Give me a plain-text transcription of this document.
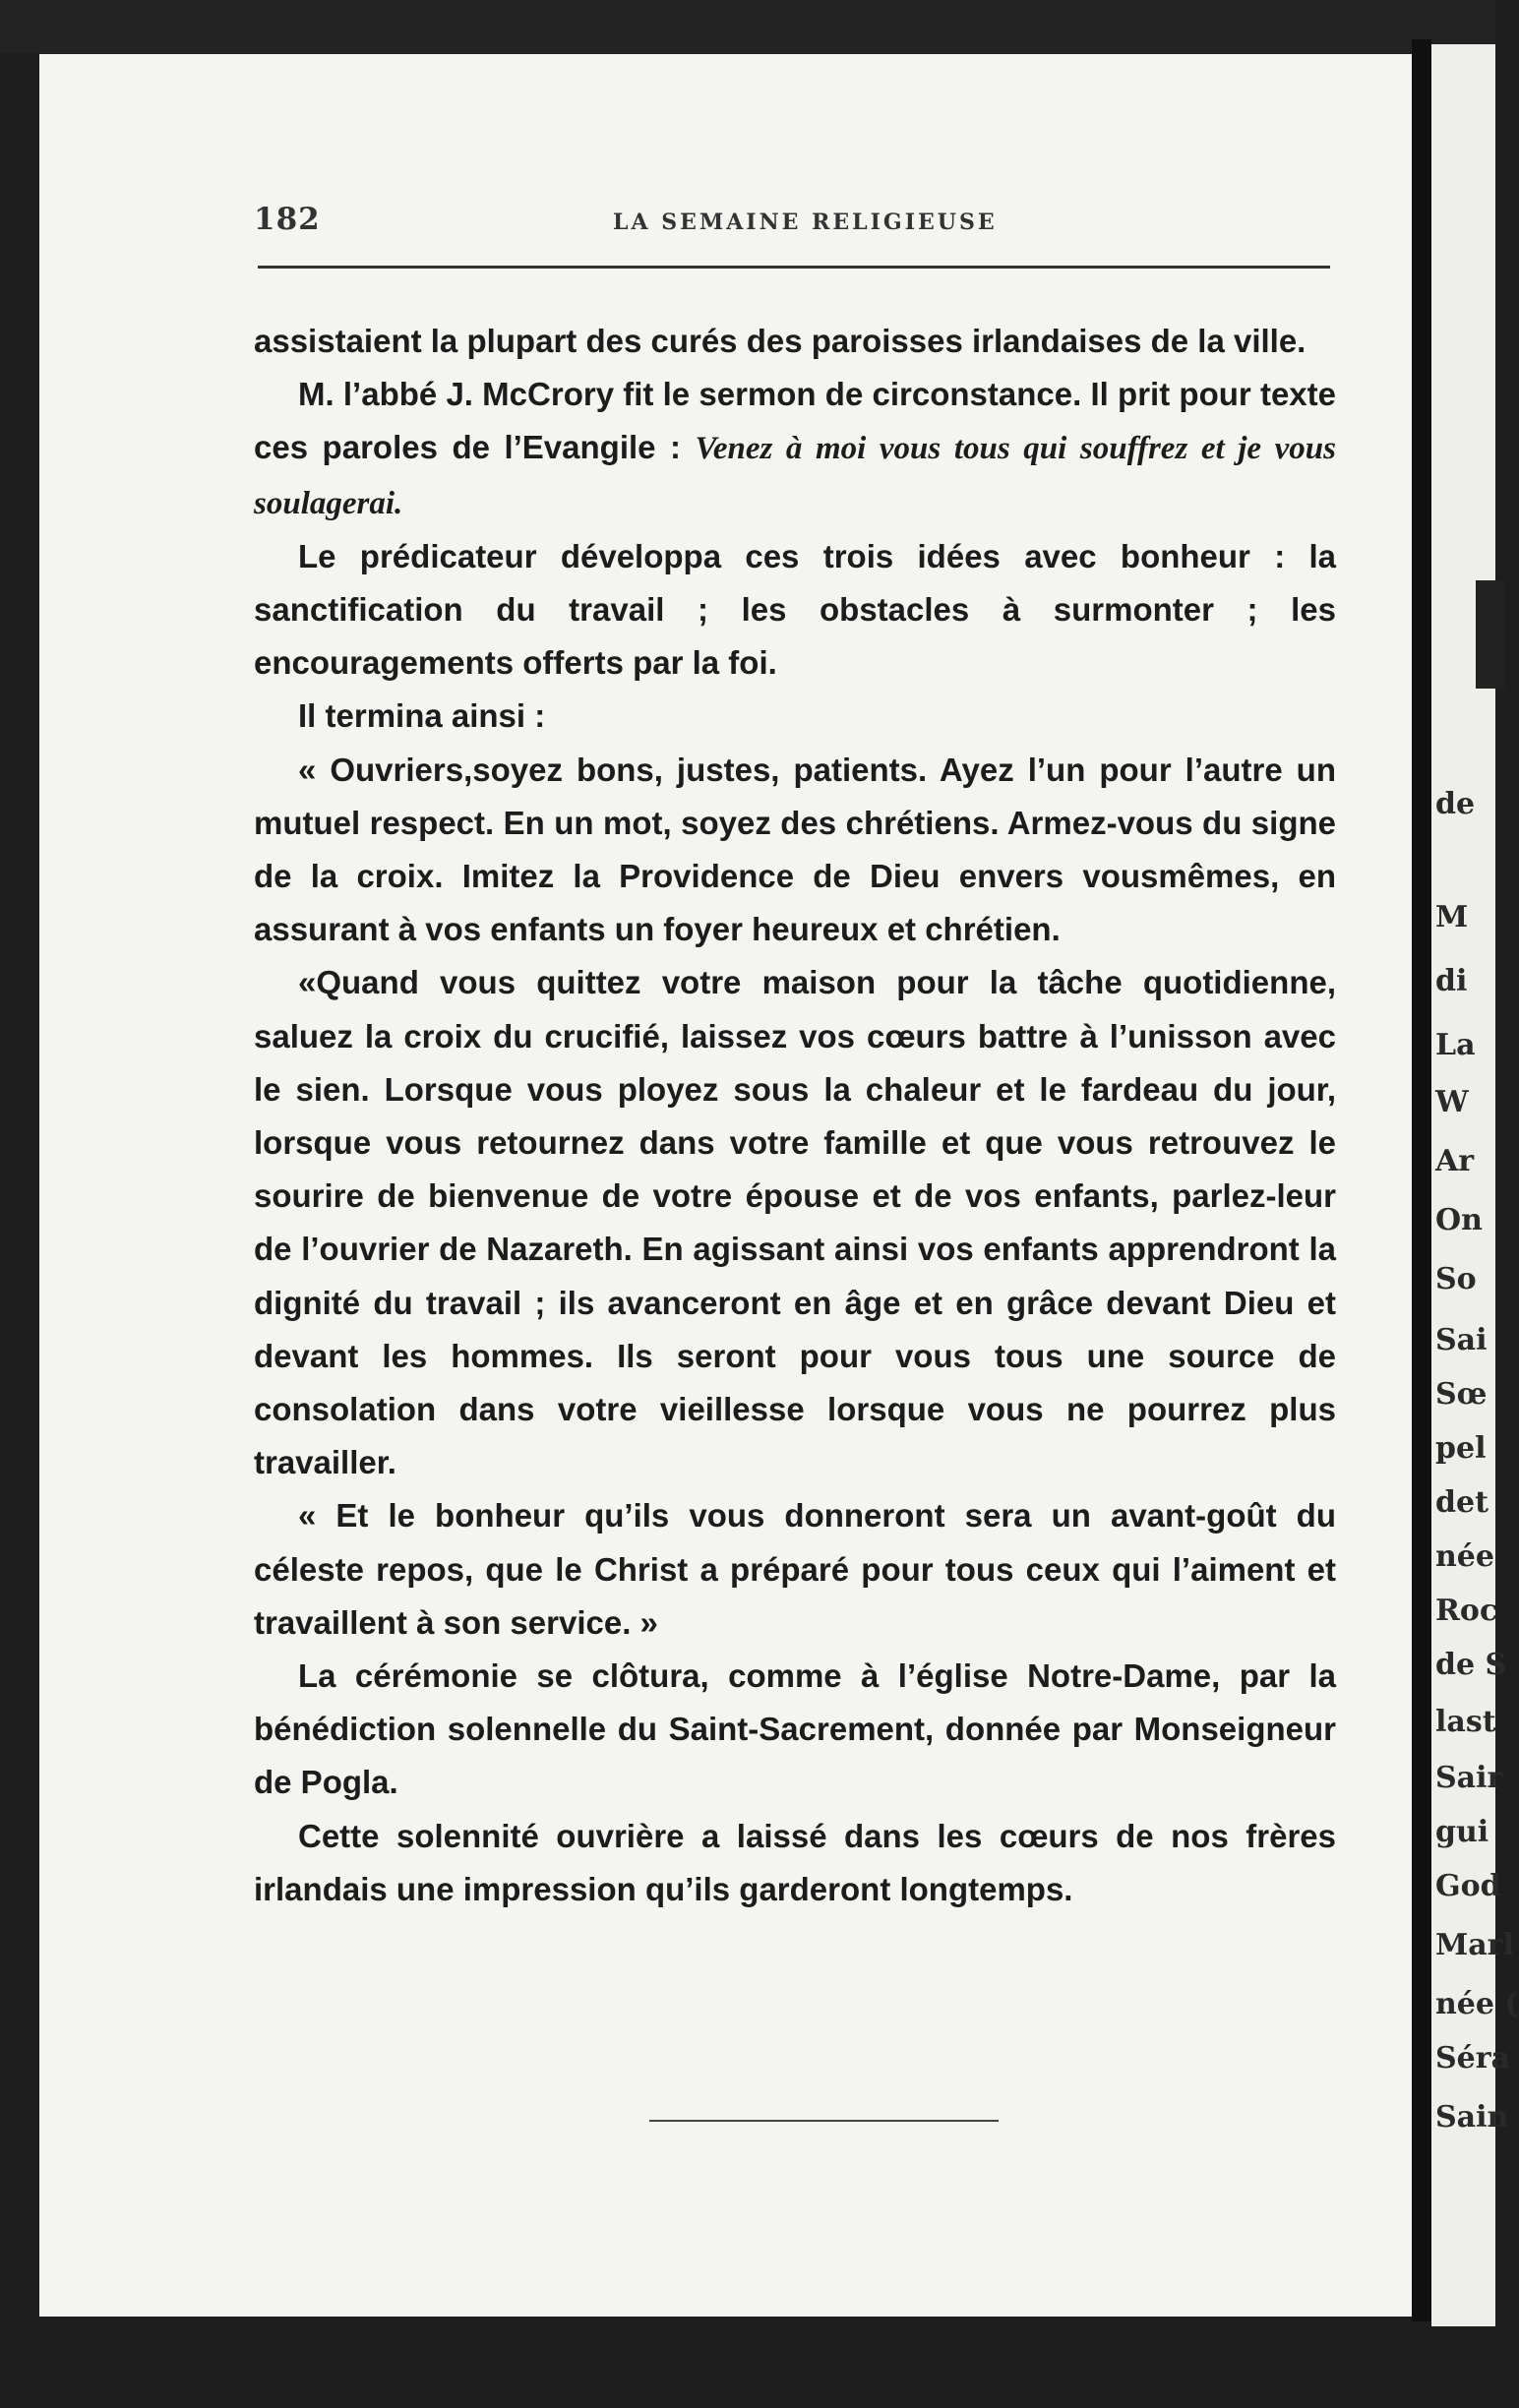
de
M
di
La
W
Ar
On
So
Sai
Sœ
pel
det
née
Roc
de S
last
Sair
gui
God
Marl
née (
Séra
Sain
182	LA SEMAINE RELIGIEUSE

assistaient la plupart des curés des paroisses irlandaises de la ville.

M. l’abbé J. McCrory fit le sermon de circonstance. Il prit pour texte ces paroles de l’Evangile : Venez à moi vous tous qui souffrez et je vous soulagerai.

Le prédicateur développa ces trois idées avec bonheur : la sanctification du travail ; les obstacles à surmonter ; les encouragements offerts par la foi.

Il termina ainsi :

« Ouvriers,soyez bons, justes, patients. Ayez l’un pour l’autre un mutuel respect. En un mot, soyez des chrétiens. Armez-vous du signe de la croix. Imitez la Providence de Dieu envers vousmêmes, en assurant à vos enfants un foyer heureux et chrétien.

«Quand vous quittez votre maison pour la tâche quotidienne, saluez la croix du crucifié, laissez vos cœurs battre à l’unisson avec le sien. Lorsque vous ployez sous la chaleur et le fardeau du jour, lorsque vous retournez dans votre famille et que vous retrouvez le sourire de bienvenue de votre épouse et de vos enfants, parlez-leur de l’ouvrier de Nazareth. En agissant ainsi vos enfants apprendront la dignité du travail ; ils avanceront en âge et en grâce devant Dieu et devant les hommes. Ils seront pour vous tous une source de consolation dans votre vieillesse lorsque vous ne pourrez plus travailler.

« Et le bonheur qu’ils vous donneront sera un avant-goût du céleste repos, que le Christ a préparé pour tous ceux qui l’aiment et travaillent à son service. »

La cérémonie se clôtura, comme à l’église Notre-Dame, par la bénédiction solennelle du Saint-Sacrement, donnée par Monseigneur de Pogla.

Cette solennité ouvrière a laissé dans les cœurs de nos frères irlandais une impression qu’ils garderont longtemps.
